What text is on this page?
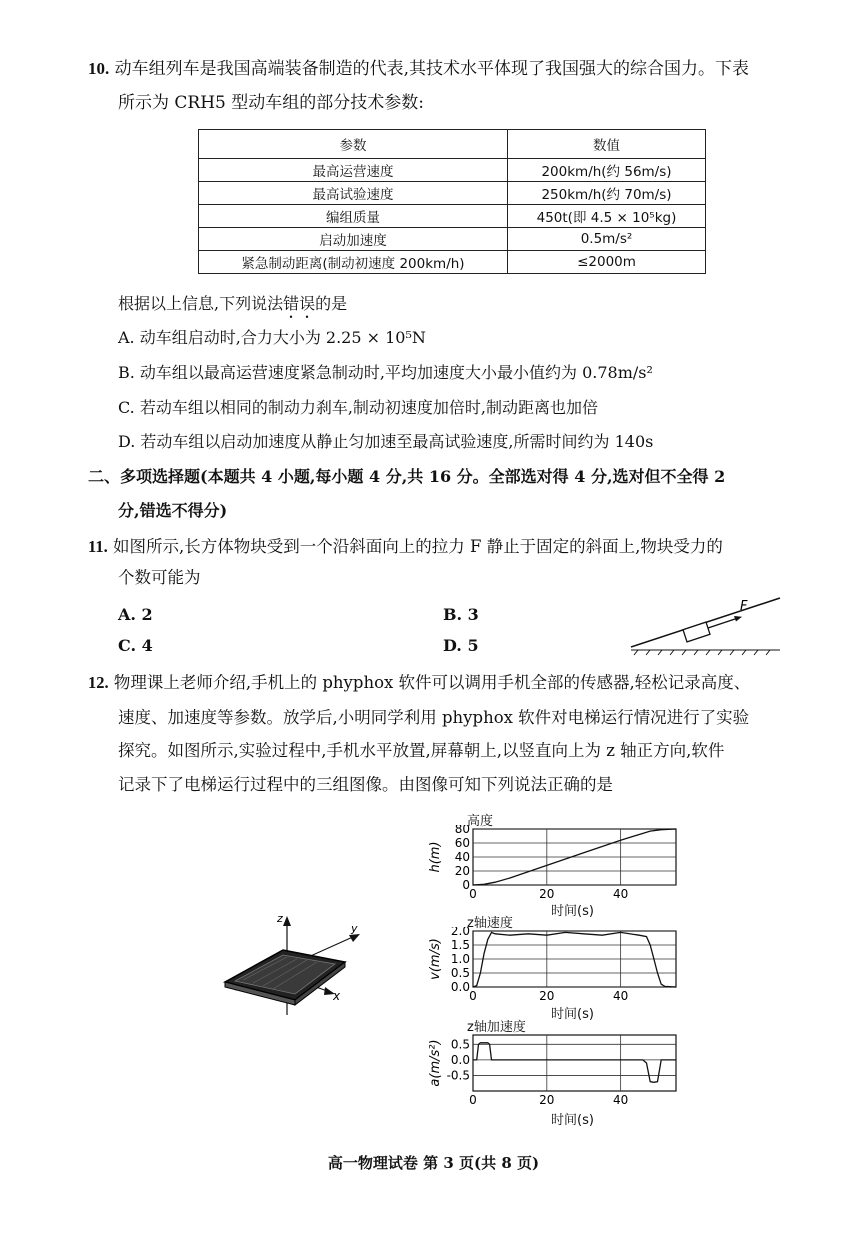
10. 动车组列车是我国高端装备制造的代表,其技术水平体现了我国强大的综合国力。下表
所示为 CRH5 型动车组的部分技术参数:
参数	数值
最高运营速度	200km/h(约 56m/s)
最高试验速度	250km/h(约 70m/s)
编组质量	450t(即 4.5 × 10⁵kg)
启动加速度	0.5m/s²
紧急制动距离(制动初速度 200km/h)	≤2000m
根据以上信息,下列说法错误的是
A. 动车组启动时,合力大小为 2.25 × 10⁵N
B. 动车组以最高运营速度紧急制动时,平均加速度大小最小值约为 0.78m/s²
C. 若动车组以相同的制动力刹车,制动初速度加倍时,制动距离也加倍
D. 若动车组以启动加速度从静止匀加速至最高试验速度,所需时间约为 140s
二、多项选择题(本题共 4 小题,每小题 4 分,共 16 分。全部选对得 4 分,选对但不全得 2
分,错选不得分)
11. 如图所示,长方体物块受到一个沿斜面向上的拉力 F 静止于固定的斜面上,物块受力的
个数可能为
A. 2	B. 3
C. 4	D. 5
F
12. 物理课上老师介绍,手机上的 phyphox 软件可以调用手机全部的传感器,轻松记录高度、
速度、加速度等参数。放学后,小明同学利用 phyphox 软件对电梯运行情况进行了实验
探究。如图所示,实验过程中,手机水平放置,屏幕朝上,以竖直向上为 z 轴正方向,软件
记录下了电梯运行过程中的三组图像。由图像可知下列说法正确的是
z
y
x
高度
0
20
40
60
80
0	20	40
h(m)
时间(s)
z轴速度
0.0
0.5
1.0
1.5
2.0
0	20	40
v(m/s)
时间(s)
z轴加速度
0.5
0.0
-0.5
0	20	40
a(m/s²)
时间(s)
高一物理试卷 第 3 页(共 8 页)
